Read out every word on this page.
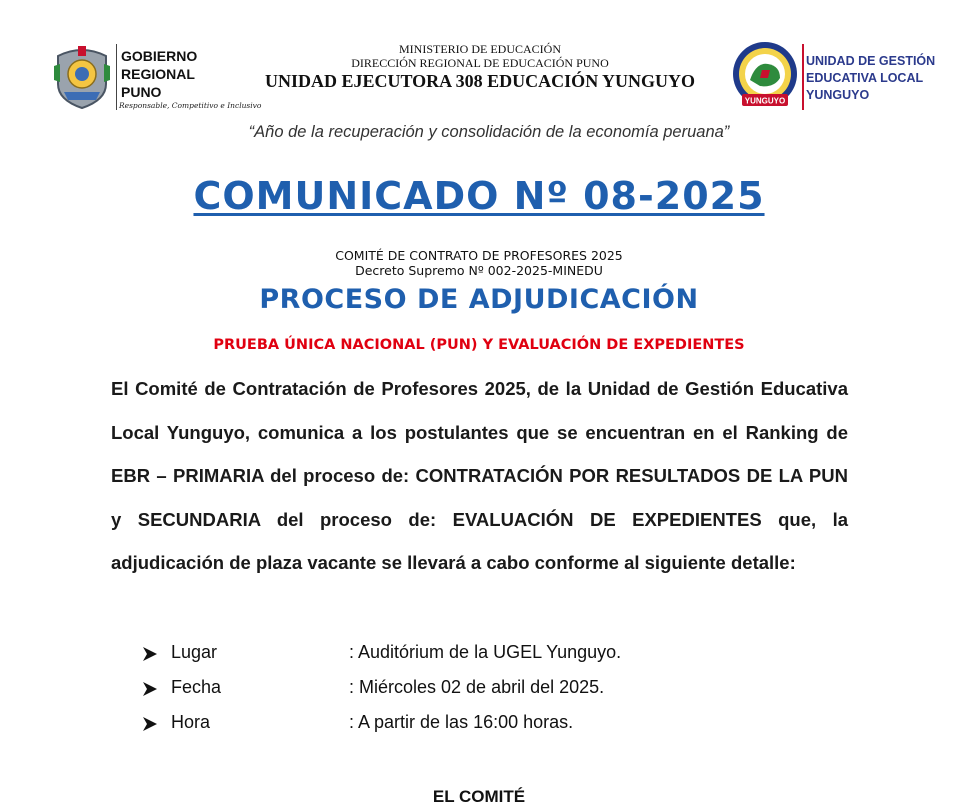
GOBIERNO
REGIONAL
PUNO
Responsable, Competitivo e Inclusivo
MINISTERIO DE EDUCACIÓN
DIRECCIÓN REGIONAL DE EDUCACIÓN PUNO
UNIDAD EJECUTORA 308 EDUCACIÓN YUNGUYO
YUNGUYO
UNIDAD DE GESTIÓN
EDUCATIVA LOCAL
YUNGUYO
“Año de la recuperación y consolidación de la economía peruana”
COMUNICADO Nº 08-2025
COMITÉ DE CONTRATO DE PROFESORES 2025
Decreto Supremo Nº 002-2025-MINEDU
PROCESO DE ADJUDICACIÓN
PRUEBA ÚNICA NACIONAL (PUN) Y EVALUACIÓN DE EXPEDIENTES
El Comité de Contratación de Profesores 2025, de la Unidad de Gestión Educativa Local Yunguyo, comunica a los postulantes que se encuentran en el Ranking de EBR – PRIMARIA del proceso de: CONTRATACIÓN POR RESULTADOS DE LA PUN y SECUNDARIA del proceso de: EVALUACIÓN DE EXPEDIENTES que, la adjudicación de plaza vacante se llevará a cabo conforme al siguiente detalle:
Lugar	: Auditórium de la UGEL Yunguyo.
Fecha	: Miércoles 02 de abril del 2025.
Hora	: A partir de las 16:00 horas.
EL COMITÉ
